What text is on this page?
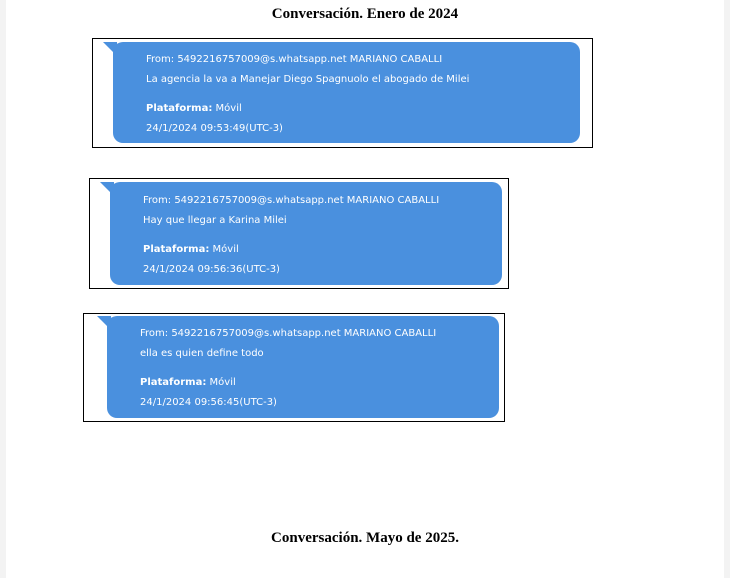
Conversación. Enero de 2024
From: 5492216757009@s.whatsapp.net MARIANO CABALLI
La agencia la va a Manejar Diego Spagnuolo el abogado de Milei
Plataforma: Móvil
24/1/2024 09:53:49(UTC-3)
From: 5492216757009@s.whatsapp.net MARIANO CABALLI
Hay que llegar a Karina Milei
Plataforma: Móvil
24/1/2024 09:56:36(UTC-3)
From: 5492216757009@s.whatsapp.net MARIANO CABALLI
ella es quien define todo
Plataforma: Móvil
24/1/2024 09:56:45(UTC-3)
Conversación. Mayo de 2025.
